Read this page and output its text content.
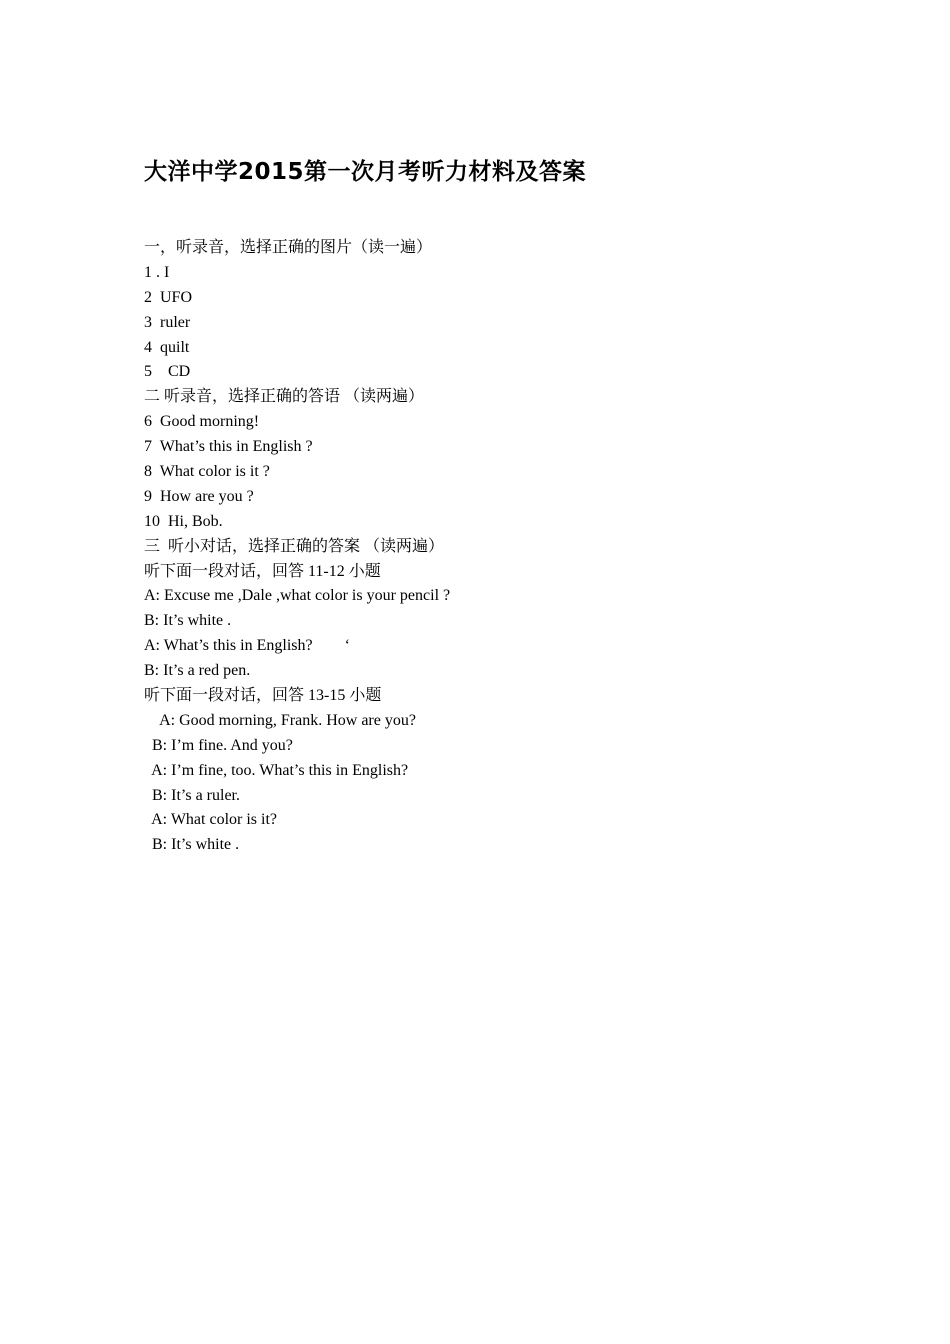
大洋中学2015第一次月考听力材料及答案
一，听录音，选择正确的图片（读一遍）
1 . I
2  UFO
3  ruler
4  quilt
5    CD
二 听录音，选择正确的答语 （读两遍）
6  Good morning!
7  What’s this in English ?
8  What color is it ?
9  How are you ?
10  Hi, Bob.
三  听小对话，选择正确的答案 （读两遍）
听下面一段对话，回答 11-12 小题
A: Excuse me ,Dale ,what color is your pencil ?
B: It’s white .
A: What’s this in English?        ‘
B: It’s a red pen.
听下面一段对话，回答 13-15 小题
A: Good morning, Frank. How are you?
B: I’m fine. And you?
A: I’m fine, too. What’s this in English?
B: It’s a ruler.
A: What color is it?
B: It’s white .
